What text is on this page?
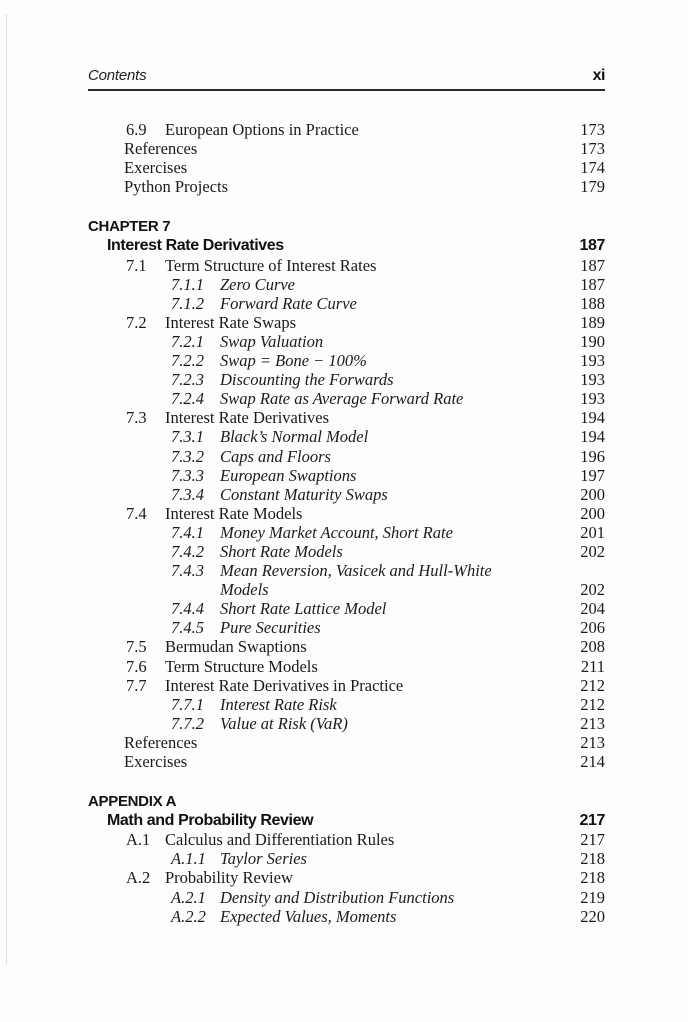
Contents	xi
6.9 European Options in Practice	173
References	173
Exercises	174
Python Projects	179
CHAPTER 7
Interest Rate Derivatives	187
7.1 Term Structure of Interest Rates	187
7.1.1 Zero Curve	187
7.1.2 Forward Rate Curve	188
7.2 Interest Rate Swaps	189
7.2.1 Swap Valuation	190
7.2.2 Swap = Bone − 100%	193
7.2.3 Discounting the Forwards	193
7.2.4 Swap Rate as Average Forward Rate	193
7.3 Interest Rate Derivatives	194
7.3.1 Black’s Normal Model	194
7.3.2 Caps and Floors	196
7.3.3 European Swaptions	197
7.3.4 Constant Maturity Swaps	200
7.4 Interest Rate Models	200
7.4.1 Money Market Account, Short Rate	201
7.4.2 Short Rate Models	202
7.4.3 Mean Reversion, Vasicek and Hull-White
Models	202
7.4.4 Short Rate Lattice Model	204
7.4.5 Pure Securities	206
7.5 Bermudan Swaptions	208
7.6 Term Structure Models	211
7.7 Interest Rate Derivatives in Practice	212
7.7.1 Interest Rate Risk	212
7.7.2 Value at Risk (VaR)	213
References	213
Exercises	214
APPENDIX A
Math and Probability Review	217
A.1 Calculus and Differentiation Rules	217
A.1.1 Taylor Series	218
A.2 Probability Review	218
A.2.1 Density and Distribution Functions	219
A.2.2 Expected Values, Moments	220
